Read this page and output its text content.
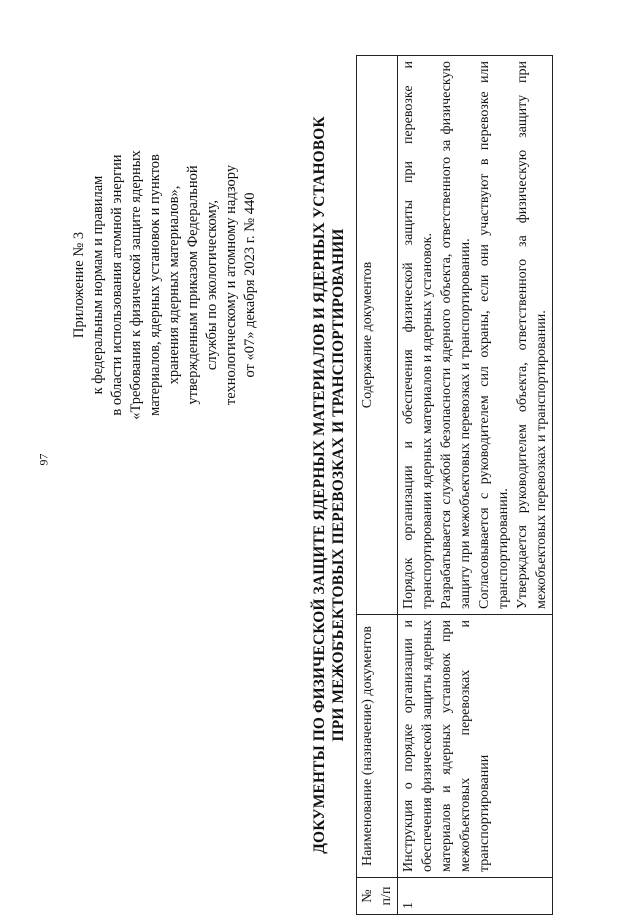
97
Приложение № 3 к федеральным нормам и правилам в области использования атомной энергии «Требования к физической защите ядерных материалов, ядерных установок и пунктов хранения ядерных материалов», утвержденным приказом Федеральной службы по экологическому, технологическому и атомному надзору от «07» декабря 2023 г. № 440	ДОКУМЕНТЫ ПО ФИЗИЧЕСКОЙ ЗАЩИТЕ ЯДЕРНЫХ МАТЕРИАЛОВ И ЯДЕРНЫХ УСТАНОВОК ПРИ МЕЖОБЪЕКТОВЫХ ПЕРЕВОЗКАХ И ТРАНСПОРТИРОВАНИИ
№ п/п	Наименование (назначение) документов	Содержание документов
1	Инструкция о порядке организации и обеспечения физической защиты ядерных материалов и ядерных установок при межобъектовых перевозках и транспортировании	Порядок организации и обеспечения физической защиты при перевозке и транспортировании ядерных материалов и ядерных установок. Разрабатывается службой безопасности ядерного объекта, ответственного за физическую защиту при межобъектовых перевозках и транспортировании. Согласовывается с руководителем сил охраны, если они участвуют в перевозке или транспортировании. Утверждается руководителем объекта, ответственного за физическую защиту при межобъектовых перевозках и транспортировании.
